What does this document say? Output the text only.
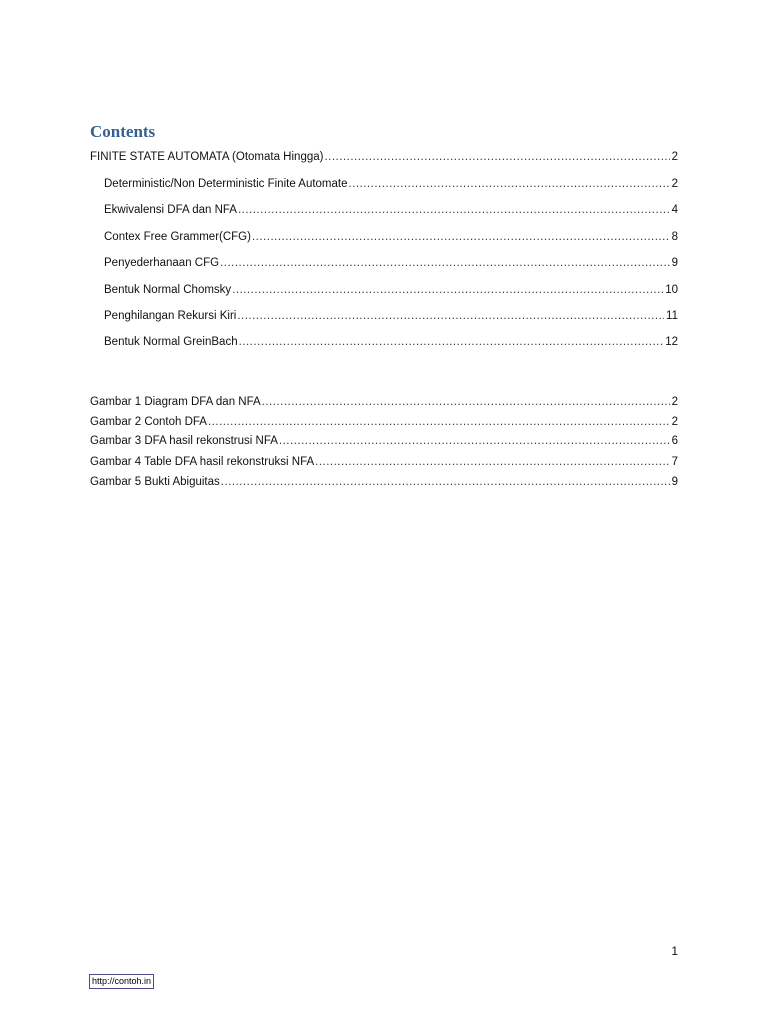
Contents
FINITE STATE AUTOMATA (Otomata Hingga) .....	2
Deterministic/Non Deterministic Finite Automate .....	2
Ekwivalensi DFA dan NFA .....	4
Contex Free Grammer(CFG) .....	8
Penyederhanaan CFG .....	9
Bentuk Normal Chomsky .....	10
Penghilangan Rekursi Kiri .....	11
Bentuk Normal GreinBach .....	12
Gambar 1 Diagram DFA dan NFA .....	2
Gambar 2 Contoh DFA .....	2
Gambar 3 DFA hasil rekonstrusi NFA .....	6
Gambar 4 Table DFA hasil rekonstruksi NFA .....	7
Gambar 5 Bukti Abiguitas .....	9
1
http://contoh.in
